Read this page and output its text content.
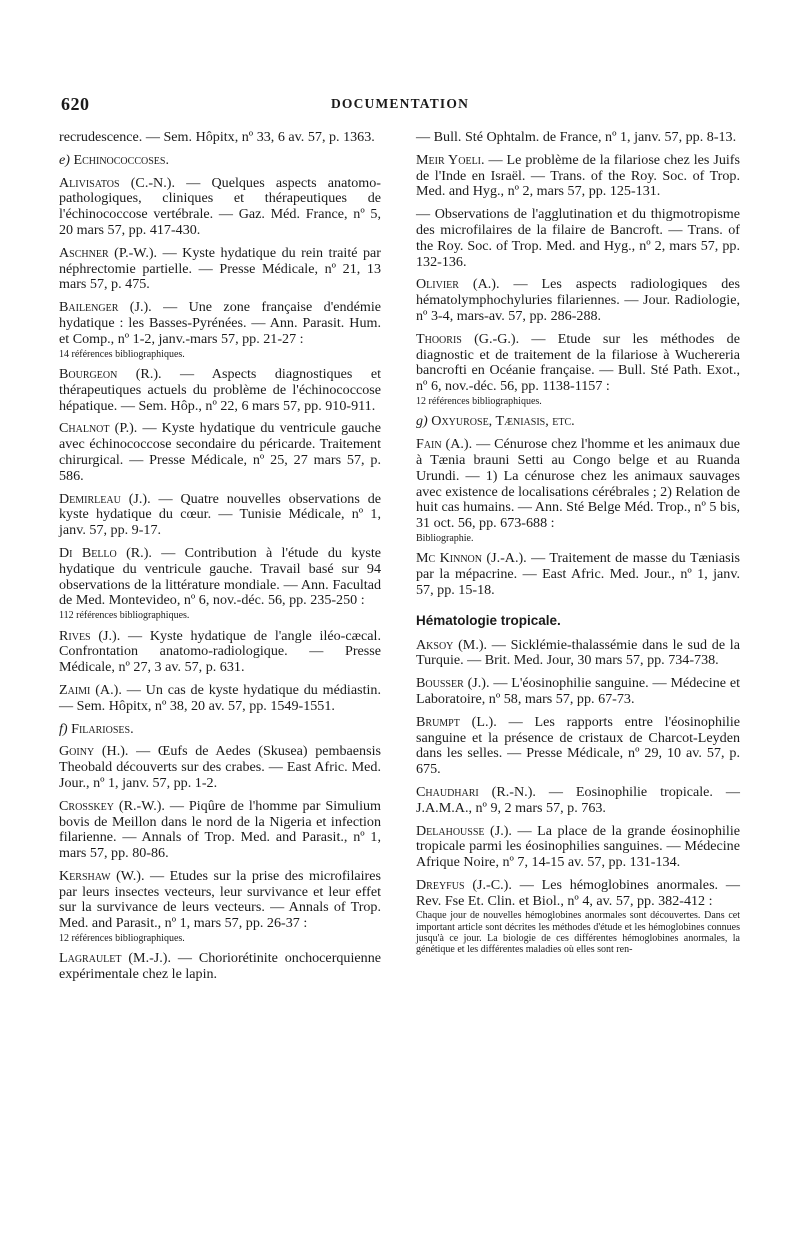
620	DOCUMENTATION
recrudescence. — Sem. Hôpitx, nº 33, 6 av. 57, p. 1363.
e) Echinococcoses.
Alivisatos (C.-N.). — Quelques aspects anatomo-pathologiques, cliniques et thérapeutiques de l'échinococcose vertébrale. — Gaz. Méd. France, nº 5, 20 mars 57, pp. 417-430.
Aschner (P.-W.). — Kyste hydatique du rein traité par néphrectomie partielle. — Presse Médicale, nº 21, 13 mars 57, p. 475.
Bailenger (J.). — Une zone française d'endémie hydatique : les Basses-Pyrénées. — Ann. Parasit. Hum. et Comp., nº 1-2, janv.-mars 57, pp. 21-27 :
14 références bibliographiques.
Bourgeon (R.). — Aspects diagnostiques et thérapeutiques actuels du problème de l'échinococcose hépatique. — Sem. Hôp., nº 22, 6 mars 57, pp. 910-911.
Chalnot (P.). — Kyste hydatique du ventricule gauche avec échinococcose secondaire du péricarde. Traitement chirurgical. — Presse Médicale, nº 25, 27 mars 57, p. 586.
Demirleau (J.). — Quatre nouvelles observations de kyste hydatique du cœur. — Tunisie Médicale, nº 1, janv. 57, pp. 9-17.
Di Bello (R.). — Contribution à l'étude du kyste hydatique du ventricule gauche. Travail basé sur 94 observations de la littérature mondiale. — Ann. Facultad de Med. Montevideo, nº 6, nov.-déc. 56, pp. 235-250 :
112 références bibliographiques.
Rives (J.). — Kyste hydatique de l'angle iléo-cæcal. Confrontation anatomo-radiologique. — Presse Médicale, nº 27, 3 av. 57, p. 631.
Zaimi (A.). — Un cas de kyste hydatique du médiastin. — Sem. Hôpitx, nº 38, 20 av. 57, pp. 1549-1551.
f) Filarioses.
Goiny (H.). — Œufs de Aedes (Skusea) pembaensis Theobald découverts sur des crabes. — East Afric. Med. Jour., nº 1, janv. 57, pp. 1-2.
Crosskey (R.-W.). — Piqûre de l'homme par Simulium bovis de Meillon dans le nord de la Nigeria et infection filarienne. — Annals of Trop. Med. and Parasit., nº 1, mars 57, pp. 80-86.
Kershaw (W.). — Etudes sur la prise des microfilaires par leurs insectes vecteurs, leur survivance et leur effet sur la survivance de leurs vecteurs. — Annals of Trop. Med. and Parasit., nº 1, mars 57, pp. 26-37 :
12 références bibliographiques.
Lagraulet (M.-J.). — Choriorétinite onchocerquienne expérimentale chez le lapin.
— Bull. Sté Ophtalm. de France, nº 1, janv. 57, pp. 8-13.
Meir Yoeli. — Le problème de la filariose chez les Juifs de l'Inde en Israël. — Trans. of the Roy. Soc. of Trop. Med. and Hyg., nº 2, mars 57, pp. 125-131.
— Observations de l'agglutination et du thigmotropisme des microfilaires de la filaire de Bancroft. — Trans. of the Roy. Soc. of Trop. Med. and Hyg., nº 2, mars 57, pp. 132-136.
Olivier (A.). — Les aspects radiologiques des hématolymphochyluries filariennes. — Jour. Radiologie, nº 3-4, mars-av. 57, pp. 286-288.
Thooris (G.-G.). — Etude sur les méthodes de diagnostic et de traitement de la filariose à Wuchereria bancrofti en Océanie française. — Bull. Sté Path. Exot., nº 6, nov.-déc. 56, pp. 1138-1157 :
12 références bibliographiques.
g) Oxyurose, Tæniasis, etc.
Fain (A.). — Cénurose chez l'homme et les animaux due à Tænia brauni Setti au Congo belge et au Ruanda Urundi. — 1) La cénurose chez les animaux sauvages avec existence de localisations cérébrales ; 2) Relation de huit cas humains. — Ann. Sté Belge Méd. Trop., nº 5 bis, 31 oct. 56, pp. 673-688 :
Bibliographie.
Mc Kinnon (J.-A.). — Traitement de masse du Tæniasis par la mépacrine. — East Afric. Med. Jour., nº 1, janv. 57, pp. 15-18.
Hématologie tropicale.
Aksoy (M.). — Sicklémie-thalassémie dans le sud de la Turquie. — Brit. Med. Jour, 30 mars 57, pp. 734-738.
Bousser (J.). — L'éosinophilie sanguine. — Médecine et Laboratoire, nº 58, mars 57, pp. 67-73.
Brumpt (L.). — Les rapports entre l'éosinophilie sanguine et la présence de cristaux de Charcot-Leyden dans les selles. — Presse Médicale, nº 29, 10 av. 57, p. 675.
Chaudhari (R.-N.). — Eosinophilie tropicale. — J.A.M.A., nº 9, 2 mars 57, p. 763.
Delahousse (J.). — La place de la grande éosinophilie tropicale parmi les éosinophilies sanguines. — Médecine Afrique Noire, nº 7, 14-15 av. 57, pp. 131-134.
Dreyfus (J.-C.). — Les hémoglobines anormales. — Rev. Fse Et. Clin. et Biol., nº 4, av. 57, pp. 382-412 :
Chaque jour de nouvelles hémoglobines anormales sont découvertes. Dans cet important article sont décrites les méthodes d'étude et les hémoglobines connues jusqu'à ce jour. La biologie de ces différentes hémoglobines anormales, la génétique et les différentes maladies où elles sont ren-
